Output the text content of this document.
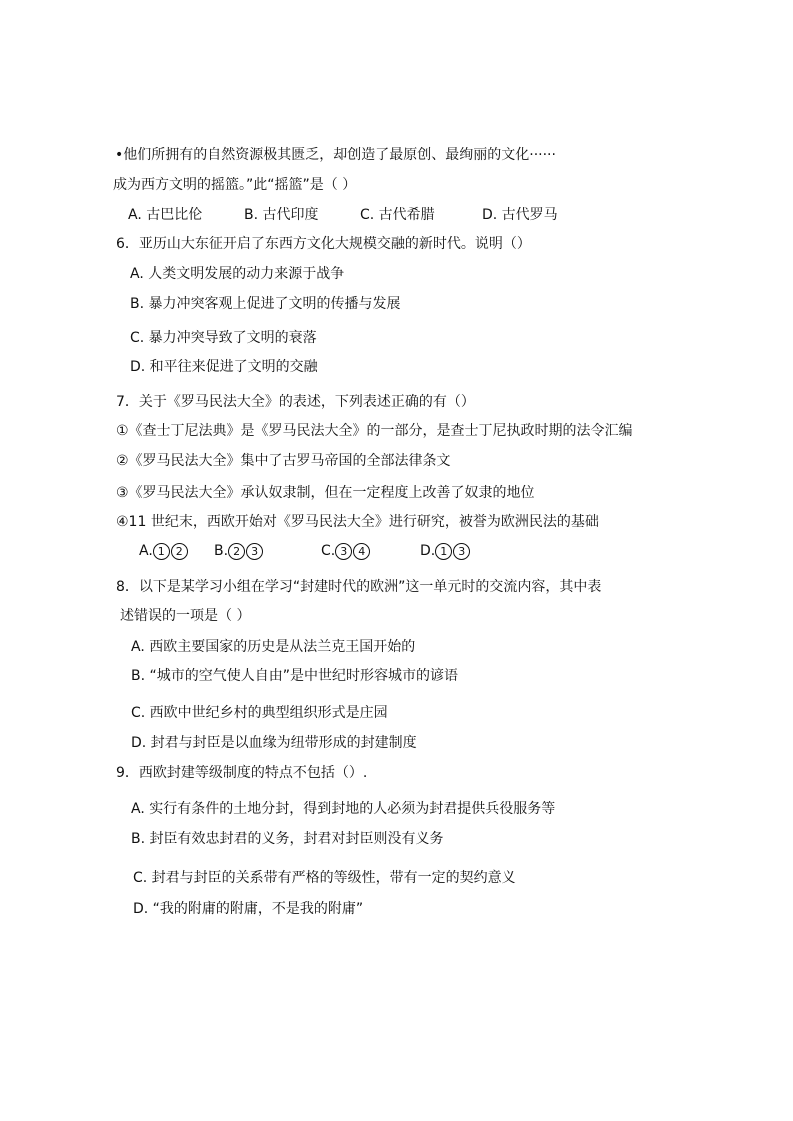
•他们所拥有的自然资源极其匮乏，却创造了最原创、最绚丽的文化······
成为西方文明的摇篮。”此“摇篮”是（ ）
A. 古巴比伦	B. 古代印度	C. 古代希腊	D. 古代罗马
6．亚历山大东征开启了东西方文化大规模交融的新时代。说明（）
A. 人类文明发展的动力来源于战争
B. 暴力冲突客观上促进了文明的传播与发展
C. 暴力冲突导致了文明的衰落
D. 和平往来促进了文明的交融
7．关于《罗马民法大全》的表述，下列表述正确的有（）
①《查士丁尼法典》是《罗马民法大全》的一部分，是查士丁尼执政时期的法令汇编
②《罗马民法大全》集中了古罗马帝国的全部法律条文
③《罗马民法大全》承认奴隶制，但在一定程度上改善了奴隶的地位
④11 世纪末，西欧开始对《罗马民法大全》进行研究，被誉为欧洲民法的基础
A. 1 2	B. 2 3	C. 3 4	D. 1 3
8．以下是某学习小组在学习“封建时代的欧洲”这一单元时的交流内容，其中表
述错误的一项是（ ）
A. 西欧主要国家的历史是从法兰克王国开始的
B. “城市的空气使人自由”是中世纪时形容城市的谚语
C. 西欧中世纪乡村的典型组织形式是庄园
D. 封君与封臣是以血缘为纽带形成的封建制度
9．西欧封建等级制度的特点不包括（）.
A. 实行有条件的土地分封，得到封地的人必须为封君提供兵役服务等
B. 封臣有效忠封君的义务，封君对封臣则没有义务
C. 封君与封臣的关系带有严格的等级性，带有一定的契约意义
D. “我的附庸的附庸，不是我的附庸”
